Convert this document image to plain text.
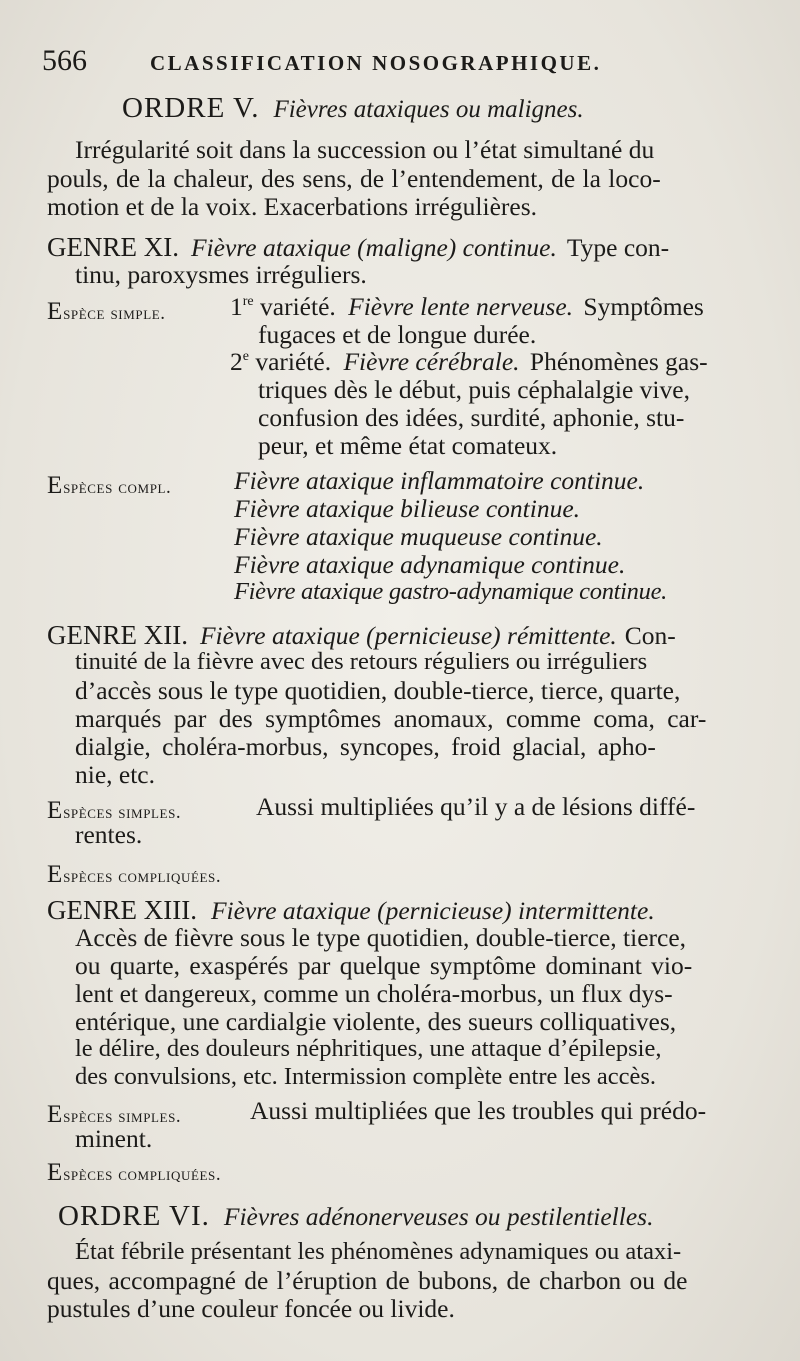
566	CLASSIFICATION NOSOGRAPHIQUE.
ORDRE V. Fièvres ataxiques ou malignes.
Irrégularité soit dans la succession ou l’état simultané du
pouls, de la chaleur, des sens, de l’entendement, de la loco-
motion et de la voix. Exacerbations irrégulières.
GENRE XI. Fièvre ataxique (maligne) continue. Type con-
tinu, paroxysmes irréguliers.
Espèce simple.	1re variété. Fièvre lente nerveuse. Symptômes
fugaces et de longue durée.
2e variété. Fièvre cérébrale. Phénomènes gas-
triques dès le début, puis céphalalgie vive,
confusion des idées, surdité, aphonie, stu-
peur, et même état comateux.
Espèces compl. Fièvre ataxique inflammatoire continue.
Fièvre ataxique bilieuse continue.
Fièvre ataxique muqueuse continue.
Fièvre ataxique adynamique continue.
Fièvre ataxique gastro-adynamique continue.
GENRE XII. Fièvre ataxique (pernicieuse) rémittente. Con-
tinuité de la fièvre avec des retours réguliers ou irréguliers
d’accès sous le type quotidien, double-tierce, tierce, quarte,
marqués par des symptômes anomaux, comme coma, car-
dialgie, choléra-morbus, syncopes, froid glacial, apho-
nie, etc.
Espèces simples.	Aussi multipliées qu’il y a de lésions diffé-
rentes.
Espèces compliquées.
GENRE XIII. Fièvre ataxique (pernicieuse) intermittente.
Accès de fièvre sous le type quotidien, double-tierce, tierce,
ou quarte, exaspérés par quelque symptôme dominant vio-
lent et dangereux, comme un choléra-morbus, un flux dys-
entérique, une cardialgie violente, des sueurs colliquatives,
le délire, des douleurs néphritiques, une attaque d’épilepsie,
des convulsions, etc. Intermission complète entre les accès.
Espèces simples.	Aussi multipliées que les troubles qui prédo-
minent.
Espèces compliquées.
ORDRE VI. Fièvres adénonerveuses ou pestilentielles.
État fébrile présentant les phénomènes adynamiques ou ataxi-
ques, accompagné de l’éruption de bubons, de charbon ou de
pustules d’une couleur foncée ou livide.
